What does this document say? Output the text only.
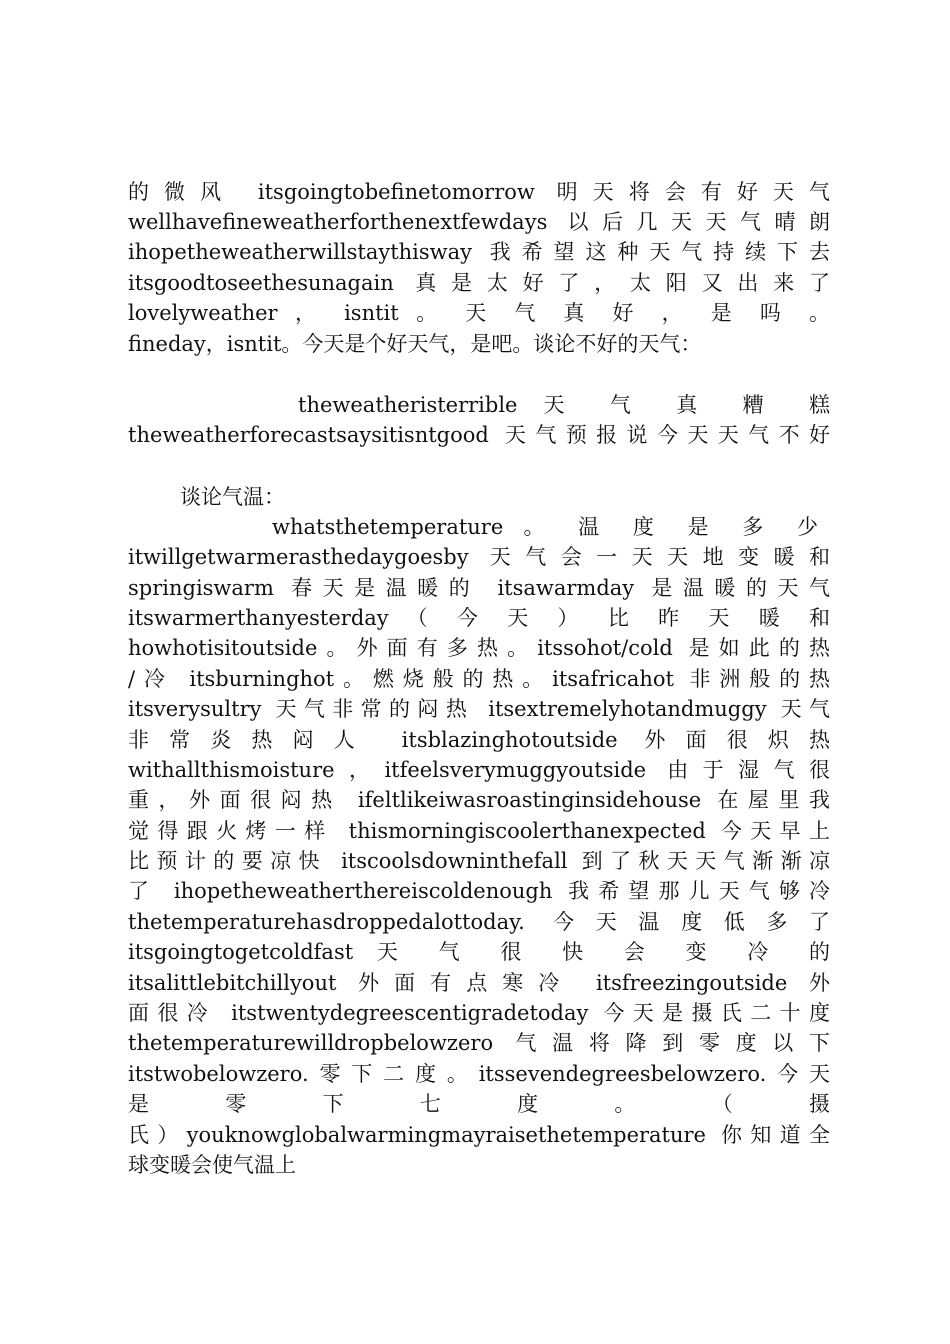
的微风 itsgoingtobefinetomorrow 明天将会有好天气
wellhavefineweatherforthenextfewdays 以后几天天气晴朗
ihopetheweatherwillstaythisway 我希望这种天气持续下去
itsgoodtoseethesunagain 真是太好了，太阳又出来了
lovelyweather ， isntit 。 天 气 真 好 ， 是 吗 。
fineday，isntit。今天是个好天气，是吧。谈论不好的天气：
theweatheristerrible 天 气 真 糟 糕
theweatherforecastsaysitisntgood 天气预报说今天天气不好
谈论气温：
whatsthetemperature 。 温 度 是 多 少
itwillgetwarmerasthedaygoesby 天气会一天天地变暖和
springiswarm 春天是温暖的 itsawarmday 是温暖的天气
itswarmerthanyesterday （ 今 天 ） 比 昨 天 暖 和
howhotisitoutside。外面有多热。itssohot/cold 是如此的热
/冷 itsburninghot。燃烧般的热。itsafricahot 非洲般的热
itsverysultry 天气非常的闷热 itsextremelyhotandmuggy 天气
非常炎热闷人 itsblazinghotoutside 外面很炽热
withallthismoisture，itfeelsverymuggyoutside 由于湿气很
重，外面很闷热 ifeltlikeiwasroastinginsidehouse 在屋里我
觉得跟火烤一样 thismorningiscoolerthanexpected 今天早上
比预计的要凉快 itscoolsdowninthefall 到了秋天天气渐渐凉
了 ihopetheweatherthereiscoldenough 我希望那儿天气够冷
thetemperaturehasdroppedalottoday. 今天温度低多了
itsgoingtogetcoldfast 天 气 很 快 会 变 冷 的
itsalittlebitchillyout 外面有点寒冷 itsfreezingoutside 外
面很冷 itstwentydegreescentigradetoday 今天是摄氏二十度
thetemperaturewilldropbelowzero 气温将降到零度以下
itstwobelowzero.零下二度。itssevendegreesbelowzero.今天
是 零 下 七 度 。 （ 摄
氏）youknowglobalwarmingmayraisethetemperature 你知道全
球变暖会使气温上
